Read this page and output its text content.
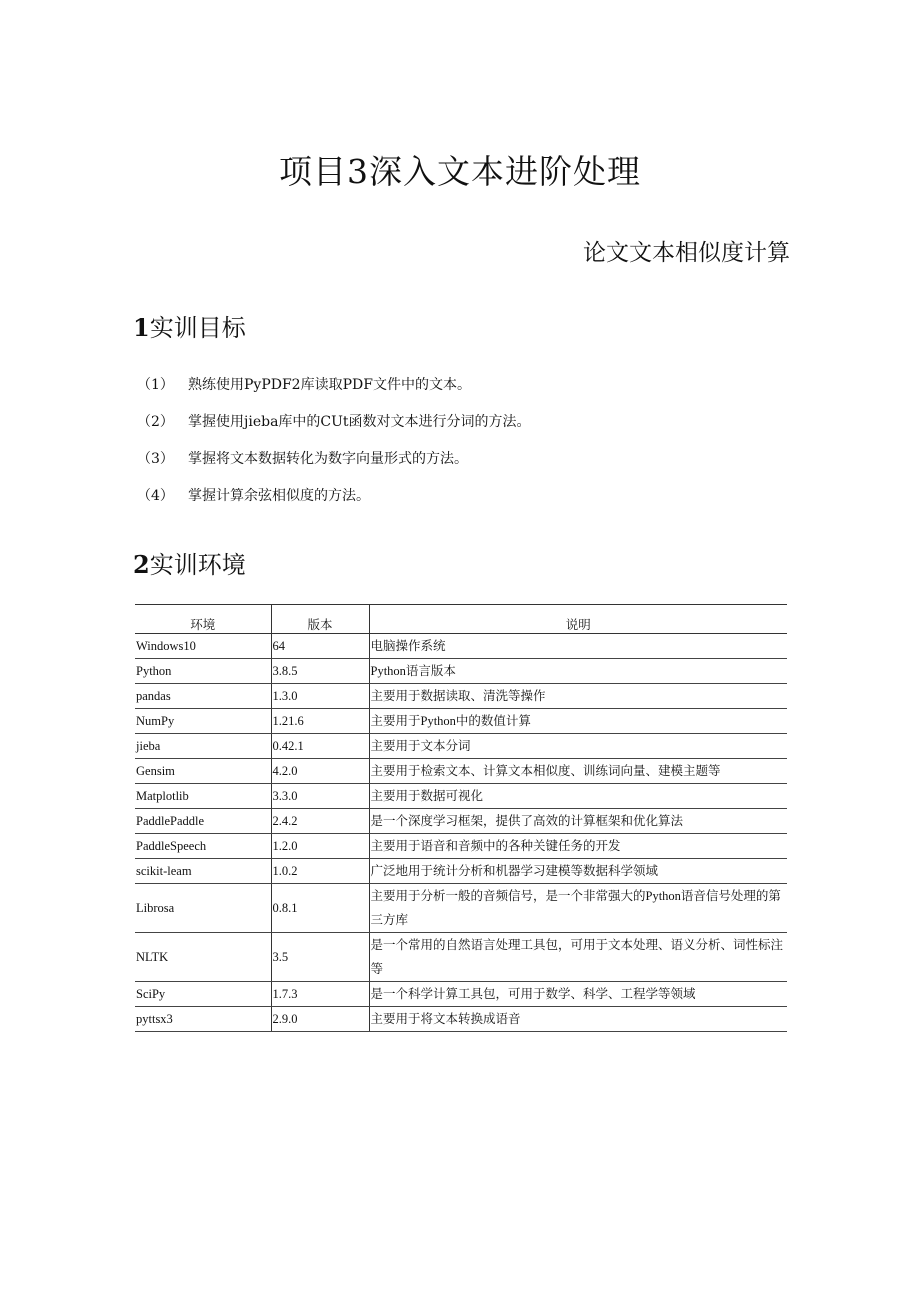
项目3深入文本进阶处理
论文文本相似度计算
1实训目标
（1）	熟练使用PyPDF2库读取PDF文件中的文本。
（2）	掌握使用jieba库中的CUt函数对文本进行分词的方法。
（3）	掌握将文本数据转化为数字向量形式的方法。
（4）	掌握计算余弦相似度的方法。
2实训环境
环境	版本	说明
Windows10	64	电脑操作系统
Python	3.8.5	Python语言版本
pandas	1.3.0	主要用于数据读取、清洗等操作
NumPy	1.21.6	主要用于Python中的数值计算
jieba	0.42.1	主要用于文本分词
Gensim	4.2.0	主要用于检索文本、计算文本相似度、训练词向量、建模主题等
Matplotlib	3.3.0	主要用于数据可视化
PaddlePaddle	2.4.2	是一个深度学习框架，提供了高效的计算框架和优化算法
PaddleSpeech	1.2.0	主要用于语音和音频中的各种关键任务的开发
scikit-leam	1.0.2	广泛地用于统计分析和机器学习建模等数据科学领域
Librosa	0.8.1	主要用于分析一般的音频信号，是一个非常强大的Python语音信号处理的第三方库
NLTK	3.5	是一个常用的自然语言处理工具包，可用于文本处理、语义分析、词性标注等
SciPy	1.7.3	是一个科学计算工具包，可用于数学、科学、工程学等领域
pyttsx3	2.9.0	主要用于将文本转换成语音
